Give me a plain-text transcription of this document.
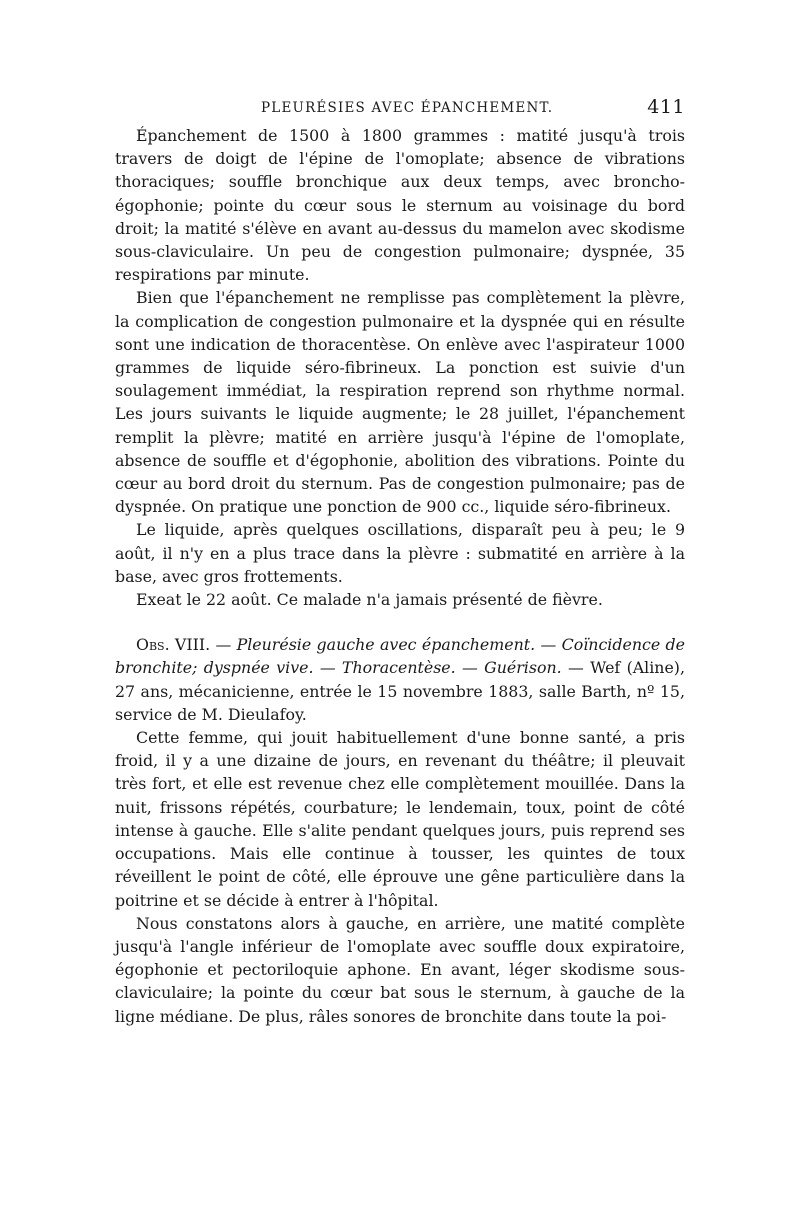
PLEURÉSIES AVEC ÉPANCHEMENT.	411

Épanchement de 1500 à 1800 grammes : matité jusqu'à trois travers de doigt de l'épine de l'omoplate; absence de vibrations thoraciques; souffle bronchique aux deux temps, avec broncho-égophonie; pointe du cœur sous le sternum au voisinage du bord droit; la matité s'élève en avant au-dessus du mamelon avec skodisme sous-claviculaire. Un peu de congestion pulmonaire; dyspnée, 35 respirations par minute.

Bien que l'épanchement ne remplisse pas complètement la plèvre, la complication de congestion pulmonaire et la dyspnée qui en résulte sont une indication de thoracentèse. On enlève avec l'aspirateur 1000 grammes de liquide séro-fibrineux. La ponction est suivie d'un soulagement immédiat, la respiration reprend son rhythme normal. Les jours suivants le liquide augmente; le 28 juillet, l'épanchement remplit la plèvre; matité en arrière jusqu'à l'épine de l'omoplate, absence de souffle et d'égophonie, abolition des vibrations. Pointe du cœur au bord droit du sternum. Pas de congestion pulmonaire; pas de dyspnée. On pratique une ponction de 900 cc., liquide séro-fibrineux.

Le liquide, après quelques oscillations, disparaît peu à peu; le 9 août, il n'y en a plus trace dans la plèvre : submatité en arrière à la base, avec gros frottements.

Exeat le 22 août. Ce malade n'a jamais présenté de fièvre.

Obs. VIII. — Pleurésie gauche avec épanchement. — Coïncidence de bronchite; dyspnée vive. — Thoracentèse. — Guérison. — Wef (Aline), 27 ans, mécanicienne, entrée le 15 novembre 1883, salle Barth, nº 15, service de M. Dieulafoy.

Cette femme, qui jouit habituellement d'une bonne santé, a pris froid, il y a une dizaine de jours, en revenant du théâtre; il pleuvait très fort, et elle est revenue chez elle complètement mouillée. Dans la nuit, frissons répétés, courbature; le lendemain, toux, point de côté intense à gauche. Elle s'alite pendant quelques jours, puis reprend ses occupations. Mais elle continue à tousser, les quintes de toux réveillent le point de côté, elle éprouve une gêne particulière dans la poitrine et se décide à entrer à l'hôpital.

Nous constatons alors à gauche, en arrière, une matité complète jusqu'à l'angle inférieur de l'omoplate avec souffle doux expiratoire, égophonie et pectoriloquie aphone. En avant, léger skodisme sous-claviculaire; la pointe du cœur bat sous le sternum, à gauche de la ligne médiane. De plus, râles sonores de bronchite dans toute la poi-
